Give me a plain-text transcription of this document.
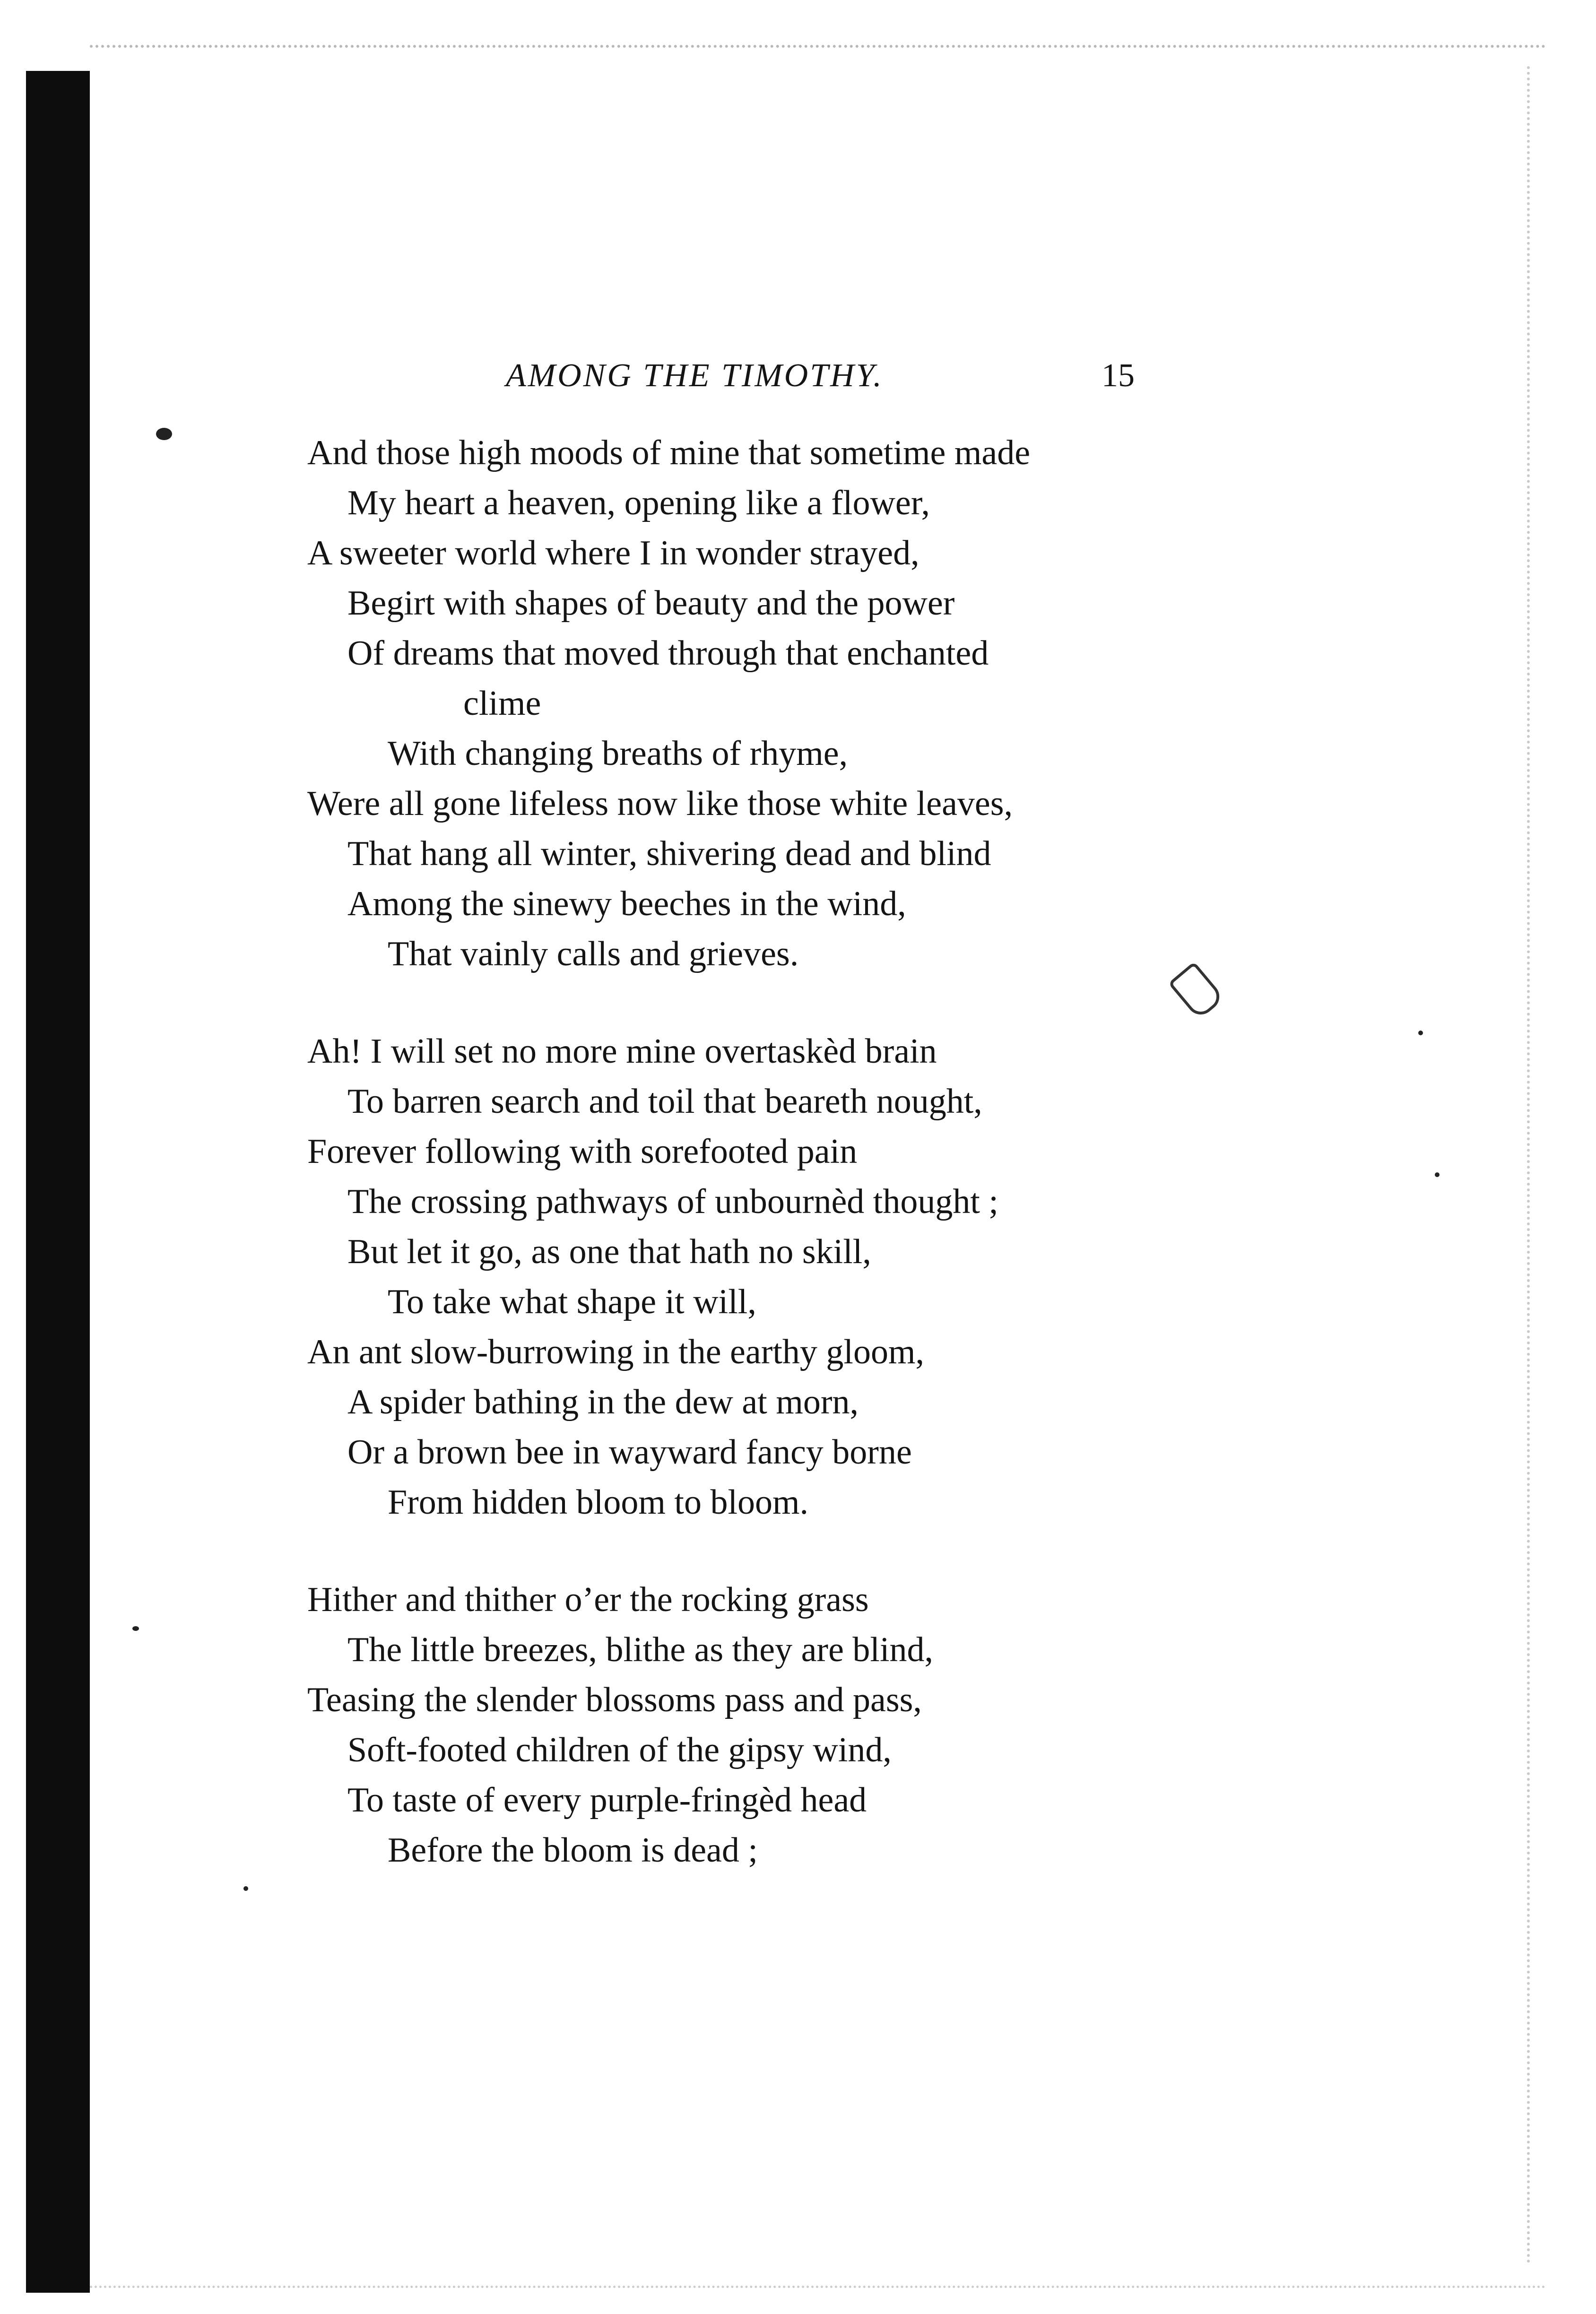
AMONG THE TIMOTHY.	15
And those high moods of mine that sometime made
My heart a heaven, opening like a flower,
A sweeter world where I in wonder strayed,
Begirt with shapes of beauty and the power
Of dreams that moved through that enchanted
clime
With changing breaths of rhyme,
Were all gone lifeless now like those white leaves,
That hang all winter, shivering dead and blind
Among the sinewy beeches in the wind,
That vainly calls and grieves.
Ah! I will set no more mine overtaskèd brain
To barren search and toil that beareth nought,
Forever following with sorefooted pain
The crossing pathways of unbournèd thought ;
But let it go, as one that hath no skill,
To take what shape it will,
An ant slow-burrowing in the earthy gloom,
A spider bathing in the dew at morn,
Or a brown bee in wayward fancy borne
From hidden bloom to bloom.
Hither and thither o’er the rocking grass
The little breezes, blithe as they are blind,
Teasing the slender blossoms pass and pass,
Soft-footed children of the gipsy wind,
To taste of every purple-fringèd head
Before the bloom is dead ;
